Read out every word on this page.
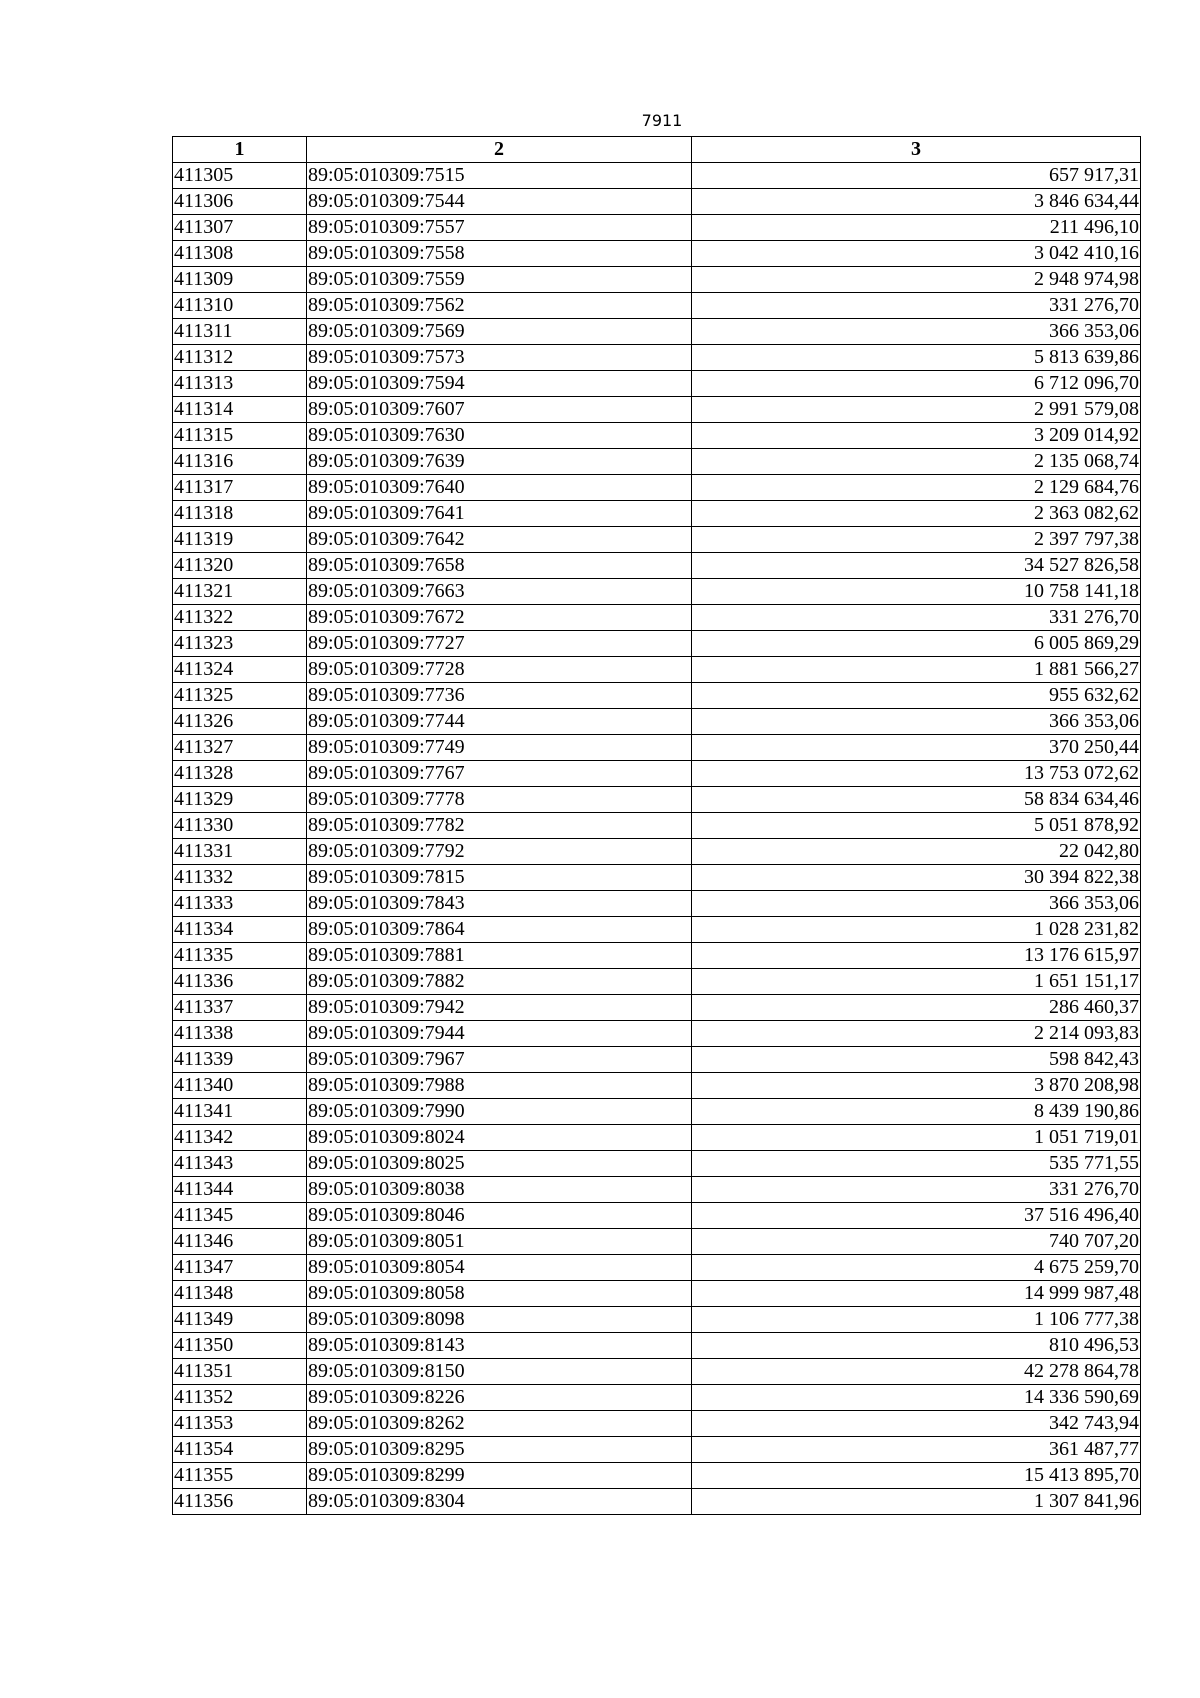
7911
1	2	3
411305	89:05:010309:7515	657 917,31
411306	89:05:010309:7544	3 846 634,44
411307	89:05:010309:7557	211 496,10
411308	89:05:010309:7558	3 042 410,16
411309	89:05:010309:7559	2 948 974,98
411310	89:05:010309:7562	331 276,70
411311	89:05:010309:7569	366 353,06
411312	89:05:010309:7573	5 813 639,86
411313	89:05:010309:7594	6 712 096,70
411314	89:05:010309:7607	2 991 579,08
411315	89:05:010309:7630	3 209 014,92
411316	89:05:010309:7639	2 135 068,74
411317	89:05:010309:7640	2 129 684,76
411318	89:05:010309:7641	2 363 082,62
411319	89:05:010309:7642	2 397 797,38
411320	89:05:010309:7658	34 527 826,58
411321	89:05:010309:7663	10 758 141,18
411322	89:05:010309:7672	331 276,70
411323	89:05:010309:7727	6 005 869,29
411324	89:05:010309:7728	1 881 566,27
411325	89:05:010309:7736	955 632,62
411326	89:05:010309:7744	366 353,06
411327	89:05:010309:7749	370 250,44
411328	89:05:010309:7767	13 753 072,62
411329	89:05:010309:7778	58 834 634,46
411330	89:05:010309:7782	5 051 878,92
411331	89:05:010309:7792	22 042,80
411332	89:05:010309:7815	30 394 822,38
411333	89:05:010309:7843	366 353,06
411334	89:05:010309:7864	1 028 231,82
411335	89:05:010309:7881	13 176 615,97
411336	89:05:010309:7882	1 651 151,17
411337	89:05:010309:7942	286 460,37
411338	89:05:010309:7944	2 214 093,83
411339	89:05:010309:7967	598 842,43
411340	89:05:010309:7988	3 870 208,98
411341	89:05:010309:7990	8 439 190,86
411342	89:05:010309:8024	1 051 719,01
411343	89:05:010309:8025	535 771,55
411344	89:05:010309:8038	331 276,70
411345	89:05:010309:8046	37 516 496,40
411346	89:05:010309:8051	740 707,20
411347	89:05:010309:8054	4 675 259,70
411348	89:05:010309:8058	14 999 987,48
411349	89:05:010309:8098	1 106 777,38
411350	89:05:010309:8143	810 496,53
411351	89:05:010309:8150	42 278 864,78
411352	89:05:010309:8226	14 336 590,69
411353	89:05:010309:8262	342 743,94
411354	89:05:010309:8295	361 487,77
411355	89:05:010309:8299	15 413 895,70
411356	89:05:010309:8304	1 307 841,96
